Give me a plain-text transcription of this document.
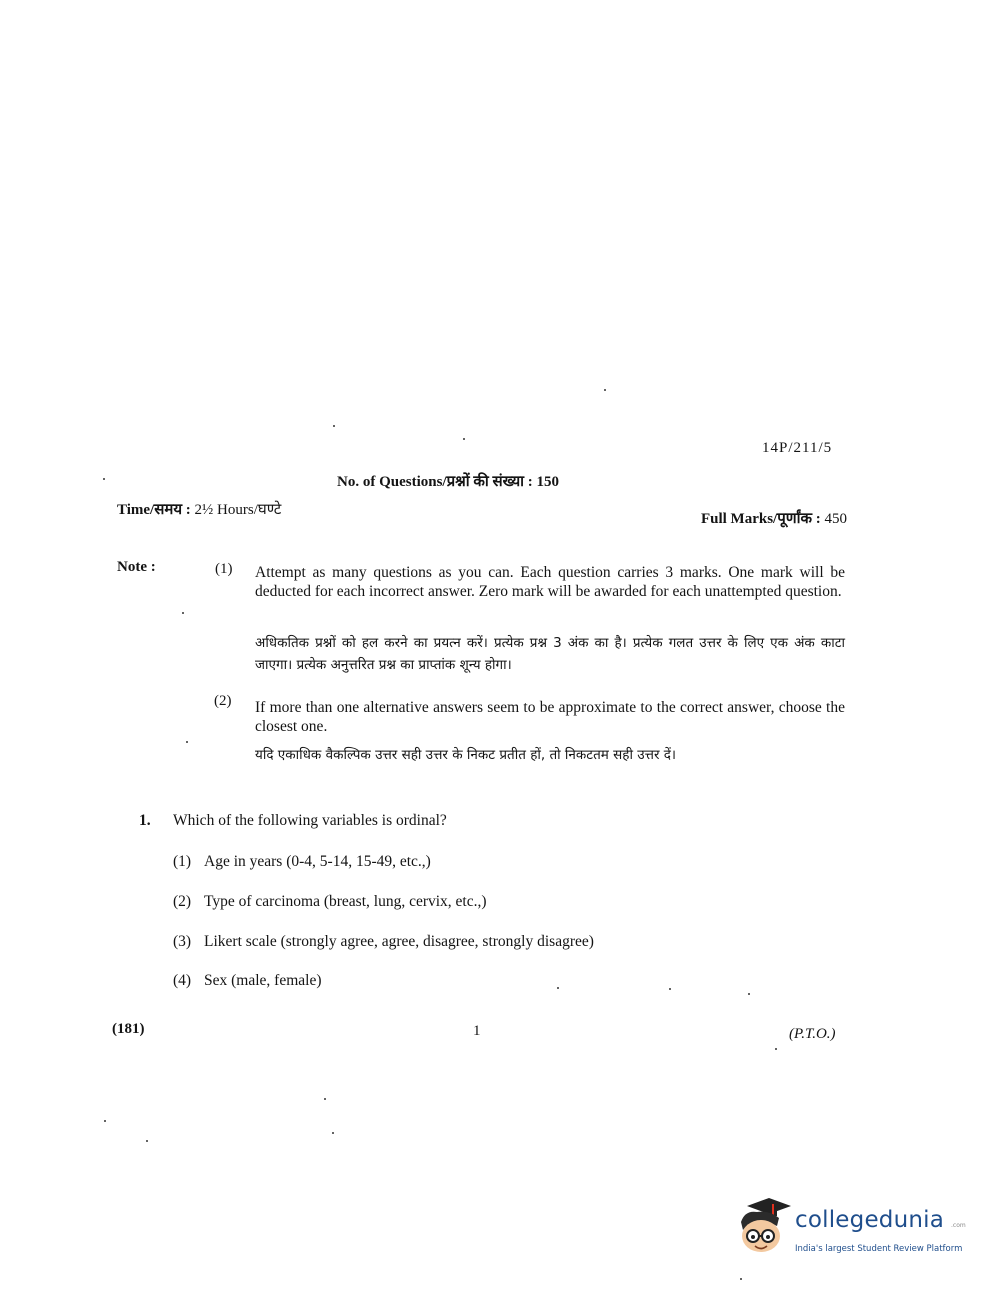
14P/211/5
No. of Questions/प्रश्नों की संख्या : 150
Time/समय : 2½ Hours/घण्टे
Full Marks/पूर्णांक : 450
Note :	(1) Attempt as many questions as you can. Each question carries 3 marks. One mark will be deducted for each incorrect answer. Zero mark will be awarded for each unattempted question.
अधिकतिक प्रश्नों को हल करने का प्रयत्न करें। प्रत्येक प्रश्न 3 अंक का है। प्रत्येक गलत उत्तर के लिए एक अंक काटा जाएगा। प्रत्येक अनुत्तरित प्रश्न का प्राप्तांक शून्य होगा।
(2) If more than one alternative answers seem to be approximate to the correct answer, choose the closest one.
यदि एकाधिक वैकल्पिक उत्तर सही उत्तर के निकट प्रतीत हों, तो निकटतम सही उत्तर दें।
1. Which of the following variables is ordinal?
(1) Age in years (0-4, 5-14, 15-49, etc.,)
(2) Type of carcinoma (breast, lung, cervix, etc.,)
(3) Likert scale (strongly agree, agree, disagree, strongly disagree)
(4) Sex (male, female)
(181)	1	(P.T.O.)
collegedunia .com
India's largest Student Review Platform
